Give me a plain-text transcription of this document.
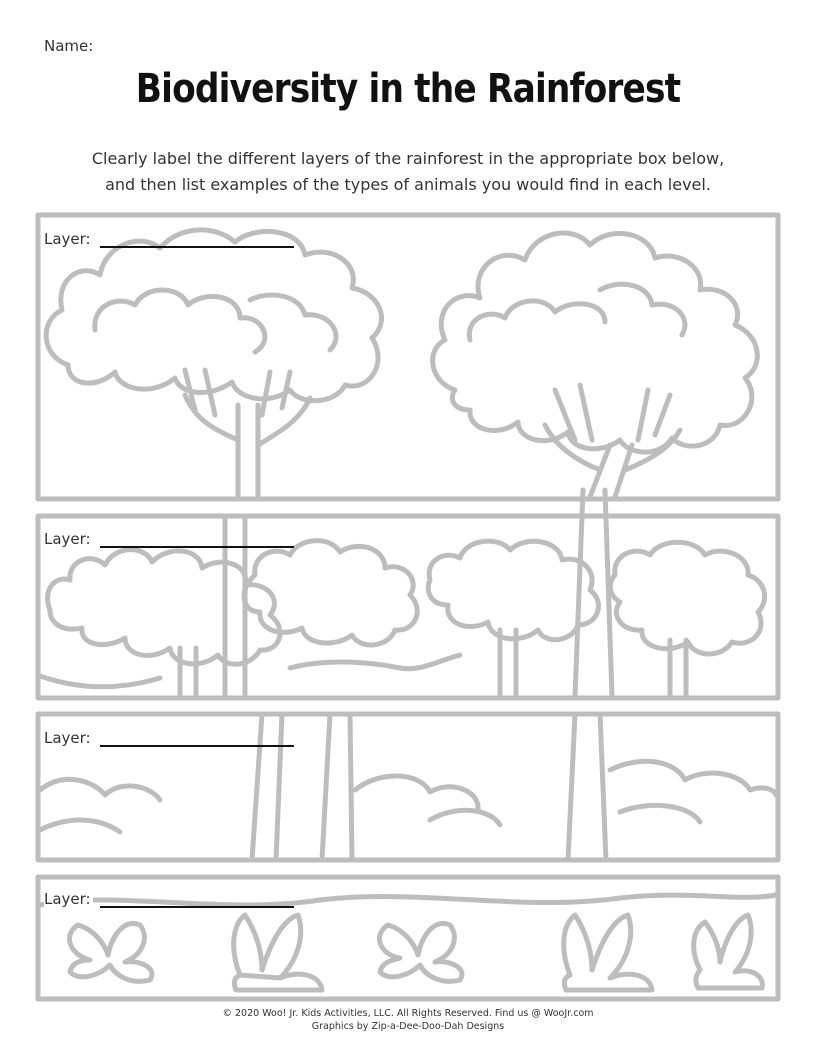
Name:
Biodiversity in the Rainforest

Clearly label the different layers of the rainforest in the appropriate box below,

and then list examples of the types of animals you would find in each level.

Layer:
Layer:
Layer:
Layer:

© 2020 Woo! Jr. Kids Activities, LLC. All Rights Reserved. Find us @ WooJr.com

Graphics by Zip-a-Dee-Doo-Dah Designs
